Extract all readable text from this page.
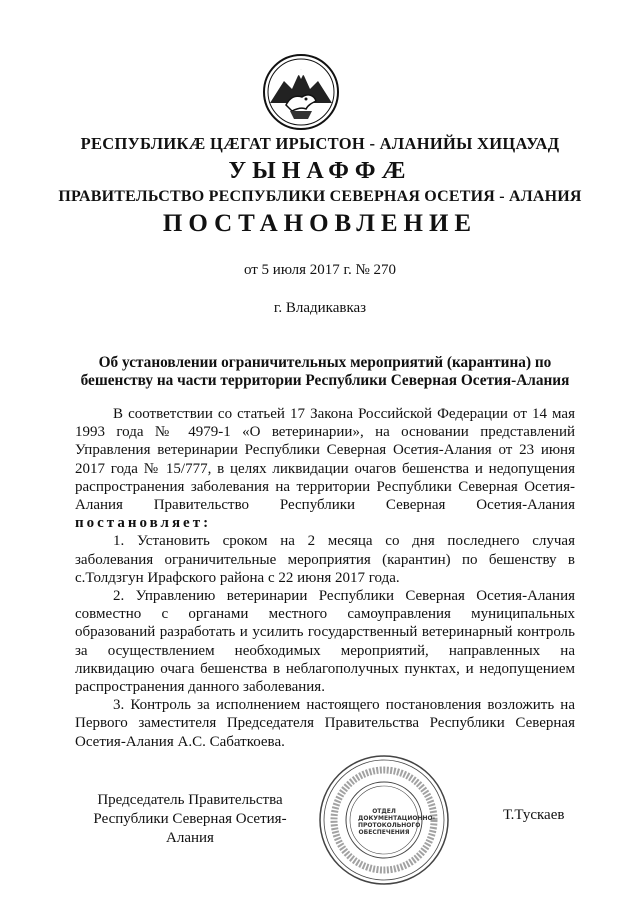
РЕСПУБЛИКӔ ЦӔГАТ ИРЫСТОН - АЛАНИЙЫ ХИЦАУАД
УЫНАФФӔ
ПРАВИТЕЛЬСТВО РЕСПУБЛИКИ СЕВЕРНАЯ ОСЕТИЯ - АЛАНИЯ
ПОСТАНОВЛЕНИЕ
от 5 июля 2017 г. № 270
г. Владикавказ
Об установлении ограничительных мероприятий (карантина) по бешенству на части территории Республики Северная Осетия-Алания

В соответствии со статьей 17 Закона Российской Федерации от 14 мая 1993 года № 4979-1 «О ветеринарии», на основании представлений Управления ветеринарии Республики Северная Осетия-Алания от 23 июня 2017 года № 15/777, в целях ликвидации очагов бешенства и недопущения распространения заболевания на территории Республики Северная Осетия-Алания Правительство Республики Северная Осетия-Алания постановляет:

1. Установить сроком на 2 месяца со дня последнего случая заболевания ограничительные мероприятия (карантин) по бешенству в с.Толдзгун Ирафского района с 22 июня 2017 года.

2. Управлению ветеринарии Республики Северная Осетия-Алания совместно с органами местного самоуправления муниципальных образований разработать и усилить государственный ветеринарный контроль за осуществлением необходимых мероприятий, направленных на ликвидацию очага бешенства в неблагополучных пунктах, и недопущением распространения данного заболевания.

3. Контроль за исполнением настоящего постановления возложить на Первого заместителя Председателя Правительства Республики Северная Осетия-Алания А.С. Сабаткоева.

Председатель Правительства
Республики Северная Осетия-Алания
ОТДЕЛ ДОКУМЕНТАЦИОННО-ПРОТОКОЛЬНОГО ОБЕСПЕЧЕНИЯ
Т.Тускаев
